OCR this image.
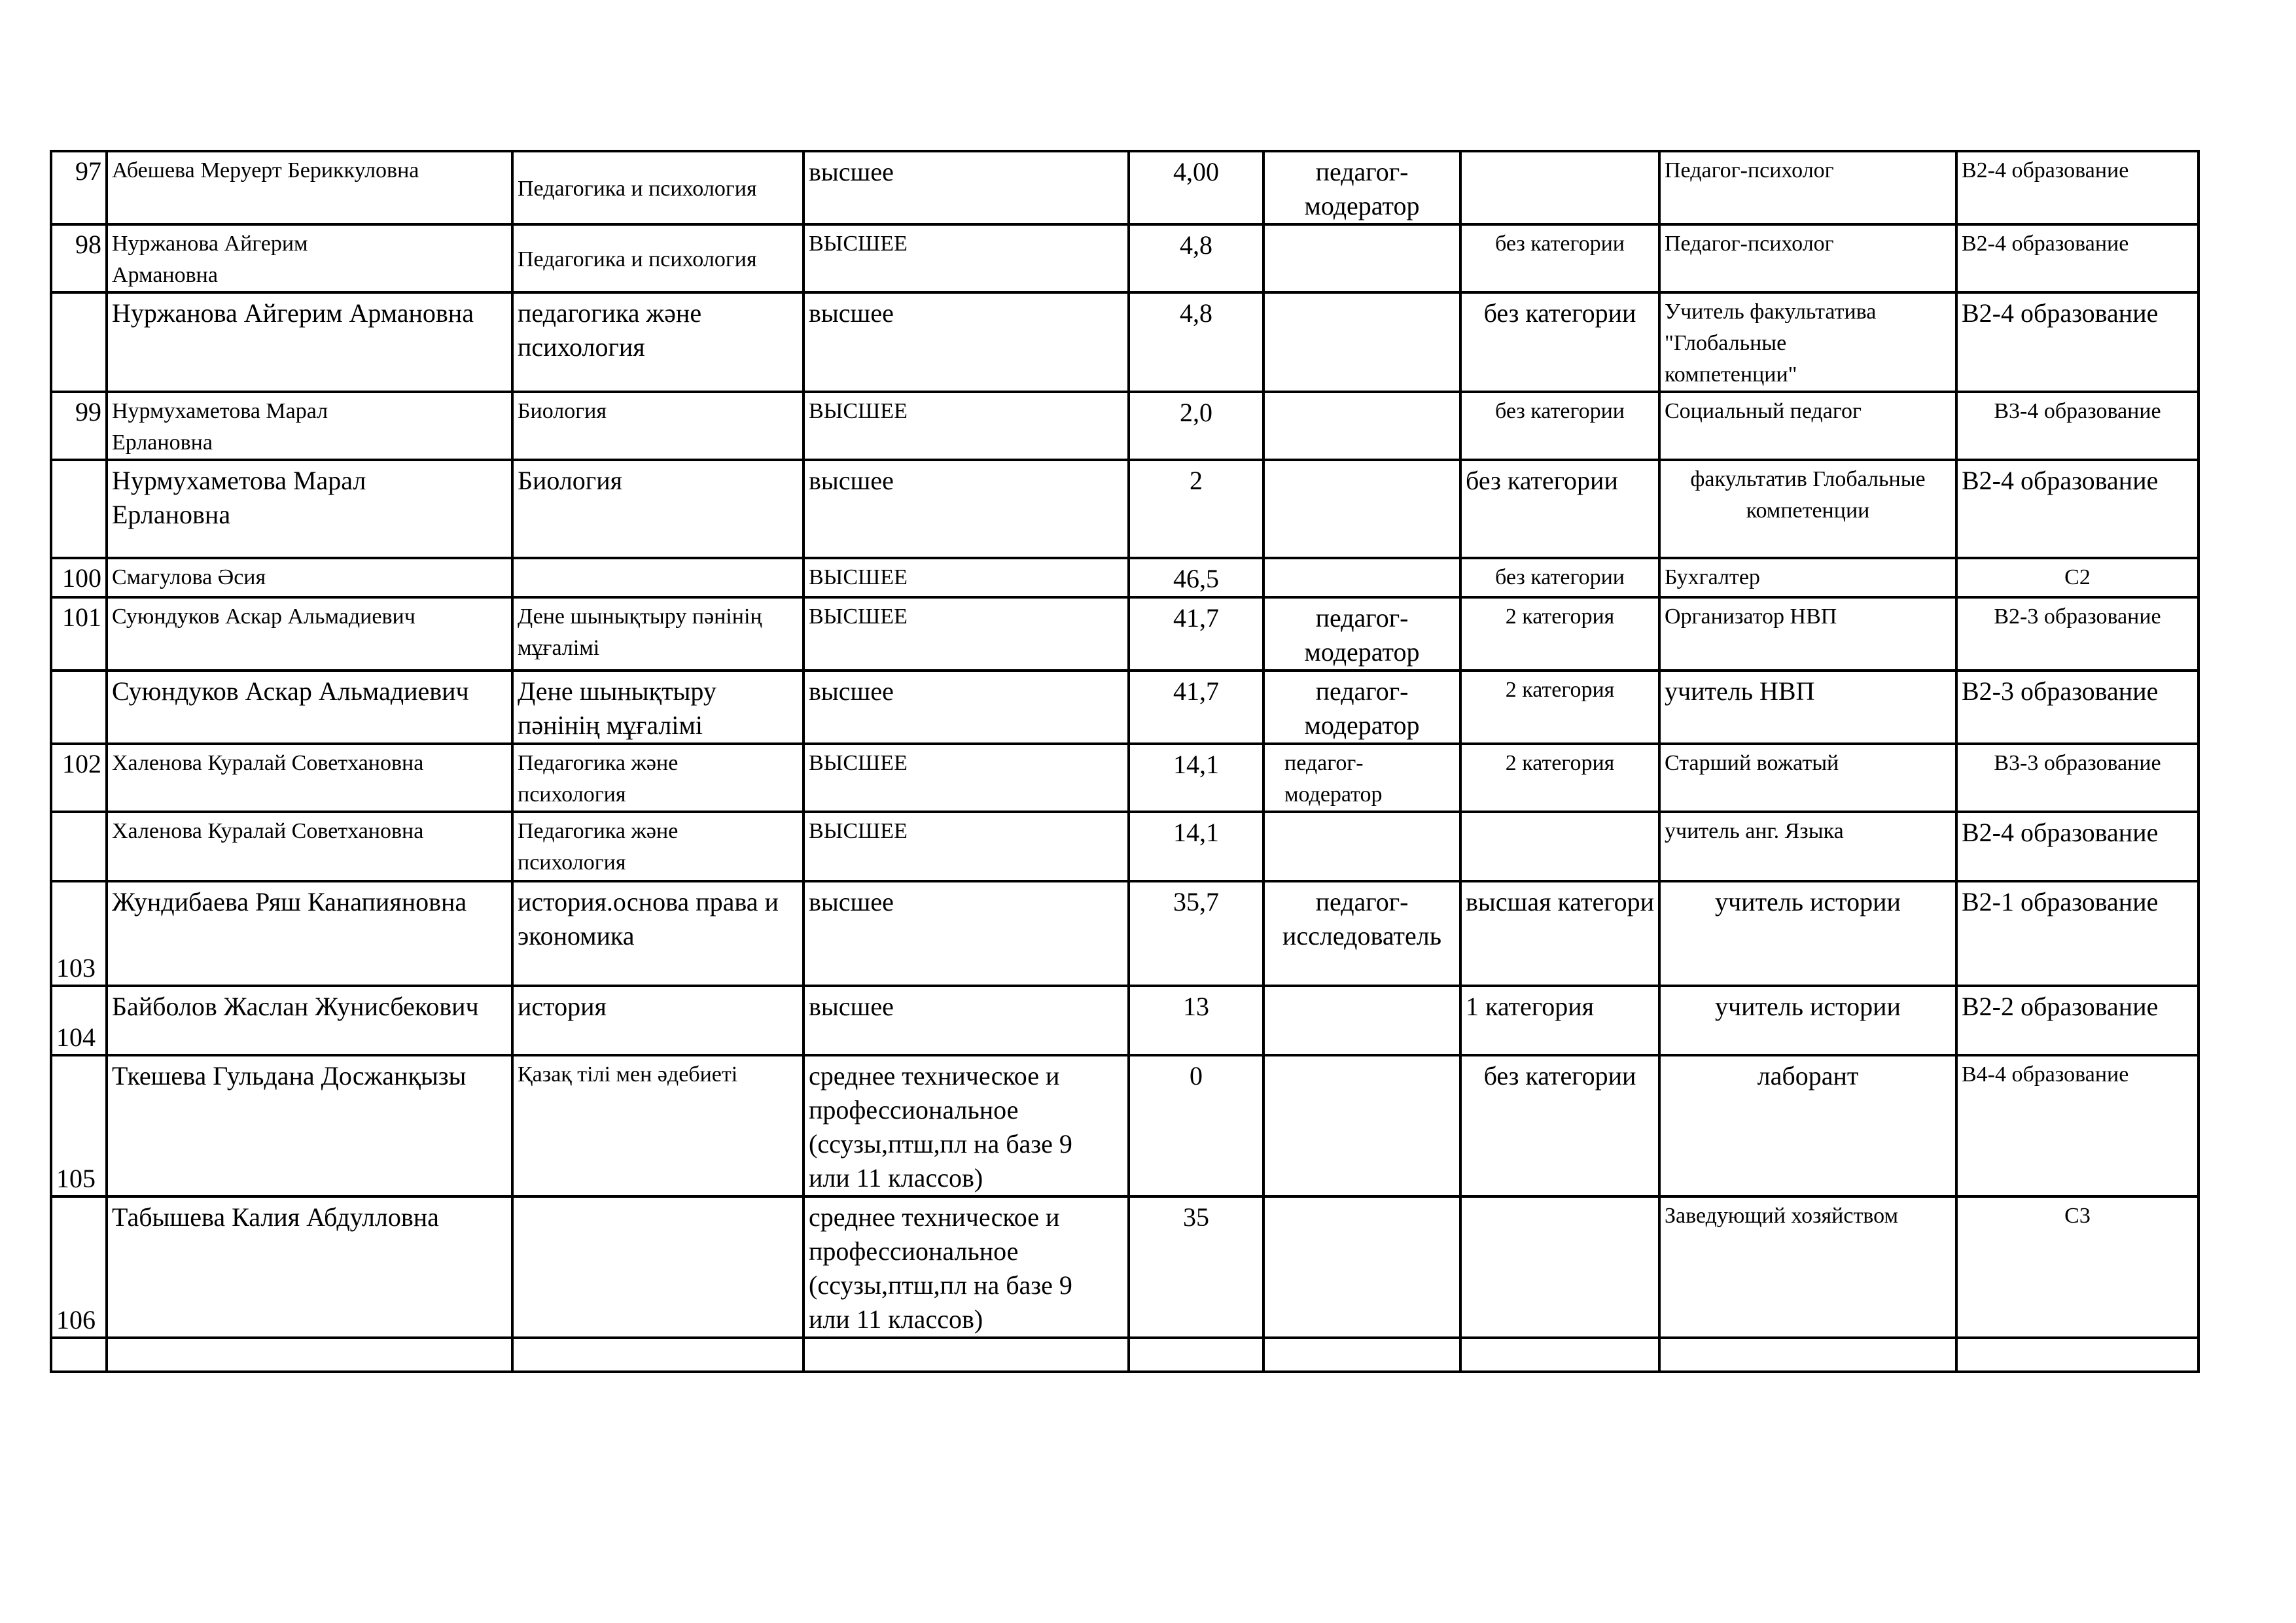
97	Абешева Меруерт Бериккуловна	Педагогика и психология	высшее	4,00	педагог-
модератор		Педагог-психолог	В2-4 образование
98	Нуржанова Айгерим
Армановна	Педагогика и психология	ВЫСШЕЕ	4,8		без категории	Педагог-психолог	В2-4 образование
	Нуржанова Айгерим Армановна	педагогика және
психология	высшее	4,8		без категории	Учитель факультатива
"Глобальные
компетенции"	В2-4 образование
99	Нурмухаметова Марал
Ерлановна	Биология	ВЫСШЕЕ	2,0		без категории	Социальный педагог	В3-4 образование
	Нурмухаметова Марал
Ерлановна	Биология	высшее	2		без категории	факультатив Глобальные
компетенции	В2-4 образование
100	Смагулова Әсия		ВЫСШЕЕ	46,5		без категории	Бухгалтер	С2
101	Суюндуков Аскар Альмадиевич	Дене шынықтыру пәнінің
мұғалімі	ВЫСШЕЕ	41,7	педагог-
модератор	2 категория	Организатор НВП	В2-3 образование
	Суюндуков Аскар Альмадиевич	Дене шынықтыру
пәнінің мұғалімі	высшее	41,7	педагог-
модератор	2 категория	учитель НВП	В2-3 образование
102	Халенова Куралай Советхановна	Педагогика және
психология	ВЫСШЕЕ	14,1	педагог-
модератор	2 категория	Старший вожатый	В3-3 образование
	Халенова Куралай Советхановна	Педагогика және
психология	ВЫСШЕЕ	14,1			учитель анг. Языка	В2-4 образование
103	Жундибаева Ряш Канапияновна	история.основа права и
экономика	высшее	35,7	педагог-
исследователь	высшая категори	учитель истории	В2-1 образование
104	Байболов Жаслан Жунисбекович	история	высшее	13		1 категория	учитель истории	В2-2 образование
105	Ткешева Гульдана Досжанқызы	Қазақ тілі мен әдебиеті	среднее техническое и
профессиональное
(ссузы,птш,пл на базе 9
или 11 классов)	0		без категории	лаборант	В4-4 образование
106	Табышева Калия Абдулловна		среднее техническое и
профессиональное
(ссузы,птш,пл на базе 9
или 11 классов)	35			Заведующий хозяйством	С3
